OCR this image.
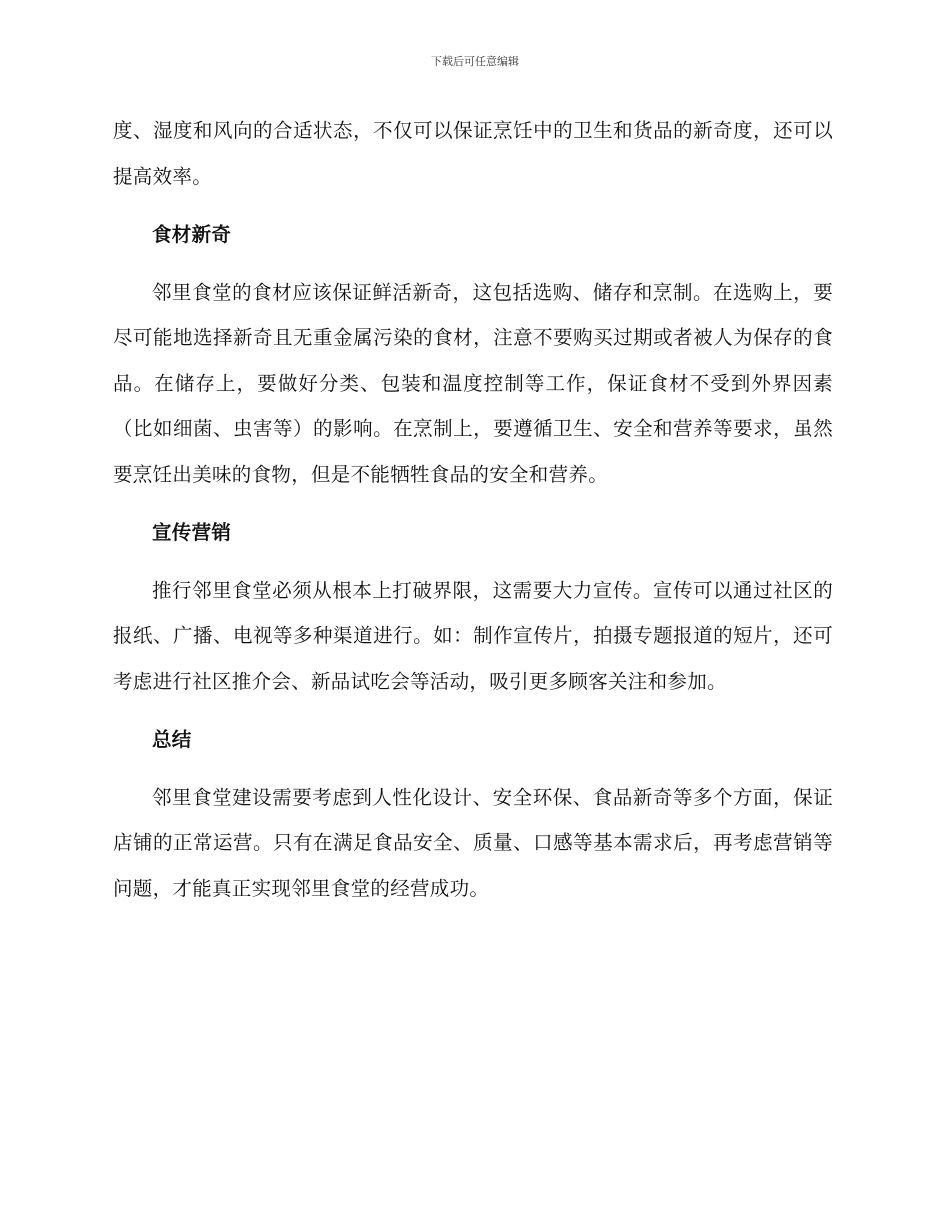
下载后可任意编辑

度、湿度和风向的合适状态，不仅可以保证烹饪中的卫生和货品的新奇度，还可以提高效率。

食材新奇

邻里食堂的食材应该保证鲜活新奇，这包括选购、储存和烹制。在选购上，要尽可能地选择新奇且无重金属污染的食材，注意不要购买过期或者被人为保存的食品。在储存上，要做好分类、包装和温度控制等工作，保证食材不受到外界因素（比如细菌、虫害等）的影响。在烹制上，要遵循卫生、安全和营养等要求，虽然要烹饪出美味的食物，但是不能牺牲食品的安全和营养。

宣传营销

推行邻里食堂必须从根本上打破界限，这需要大力宣传。宣传可以通过社区的报纸、广播、电视等多种渠道进行。如：制作宣传片，拍摄专题报道的短片，还可考虑进行社区推介会、新品试吃会等活动，吸引更多顾客关注和参加。

总结

邻里食堂建设需要考虑到人性化设计、安全环保、食品新奇等多个方面，保证店铺的正常运营。只有在满足食品安全、质量、口感等基本需求后，再考虑营销等问题，才能真正实现邻里食堂的经营成功。
